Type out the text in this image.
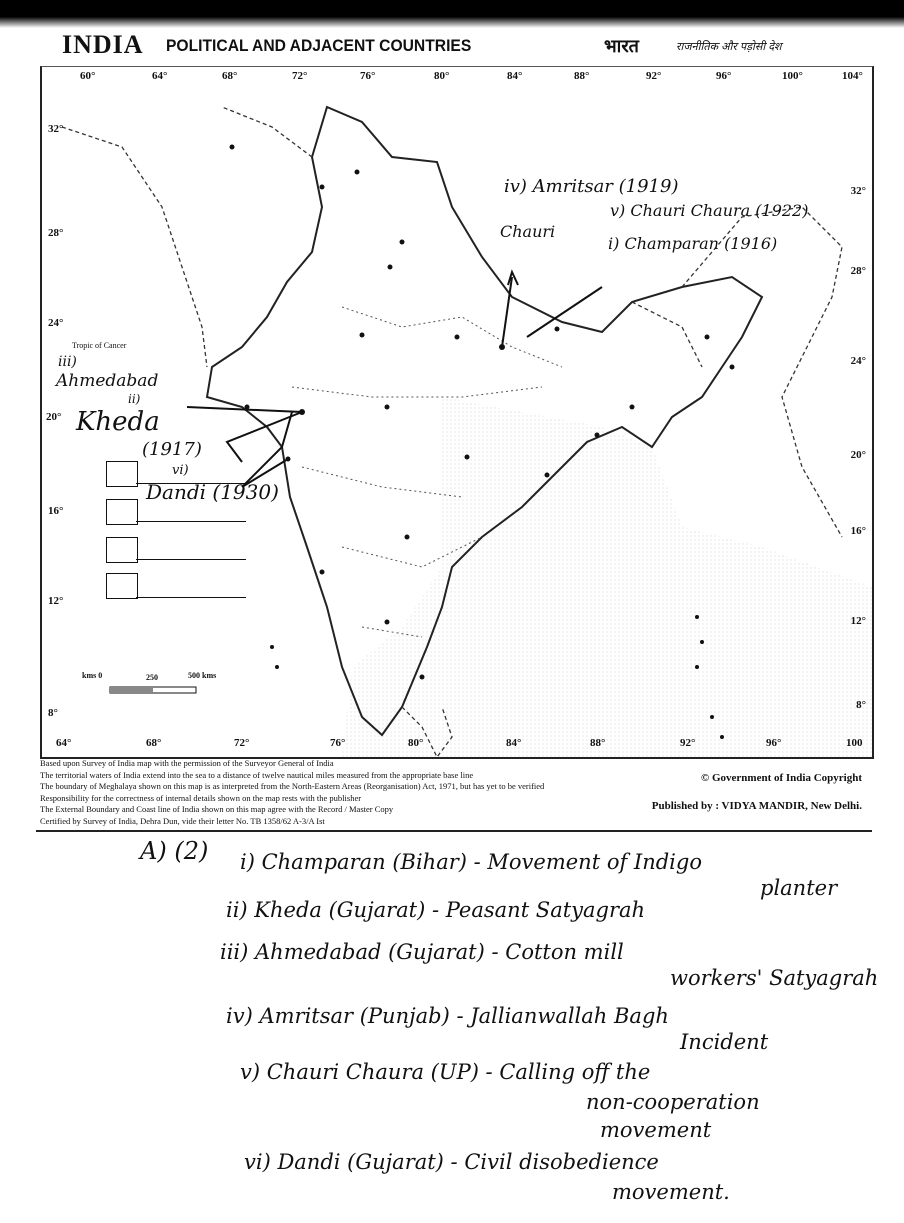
INDIA POLITICAL AND ADJACENT COUNTRIES	भारत	राजनीतिक और पड़ोसी देश
60°	64°	68°	72°	76°	80°	84°	88°	92°	96°	100°	104°
64°	68°	72°	76°	80°	84°	88°	92°	96°	100
32°
28°
24°
20°
16°
12°
8°
32°
28°
24°
20°
16°
12°
8°
Tropic of Cancer
iv) Amritsar (1919)
v) Chauri Chaura (1922)
Chauri
i) Champaran (1916)
iii)
Ahmedabad
ii)
Kheda
(1917)
vi)
Dandi (1930)
kms 0	250	500 kms
Based upon Survey of India map with the permission of the Surveyor General of India
The territorial waters of India extend into the sea to a distance of twelve nautical miles measured from the appropriate base line
The boundary of Meghalaya shown on this map is as interpreted from the North-Eastern Areas (Reorganisation) Act, 1971, but has yet to be verified
Responsibility for the correctness of internal details shown on the map rests with the publisher
The External Boundary and Coast line of India shown on this map agree with the Record / Master Copy
Certified by Survey of India, Dehra Dun, vide their letter No. TB 1358/62 A-3/A Ist
© Government of India Copyright
Published by : VIDYA MANDIR, New Delhi.
A) (2) i) Champaran (Bihar) - Movement of Indigo
planter
ii) Kheda (Gujarat) - Peasant Satyagrah
iii) Ahmedabad (Gujarat) - Cotton mill
workers' Satyagrah
iv) Amritsar (Punjab) - Jallianwallah Bagh
Incident
v) Chauri Chaura (UP) - Calling off the
non-cooperation
movement
vi) Dandi (Gujarat) - Civil disobedience
movement.
